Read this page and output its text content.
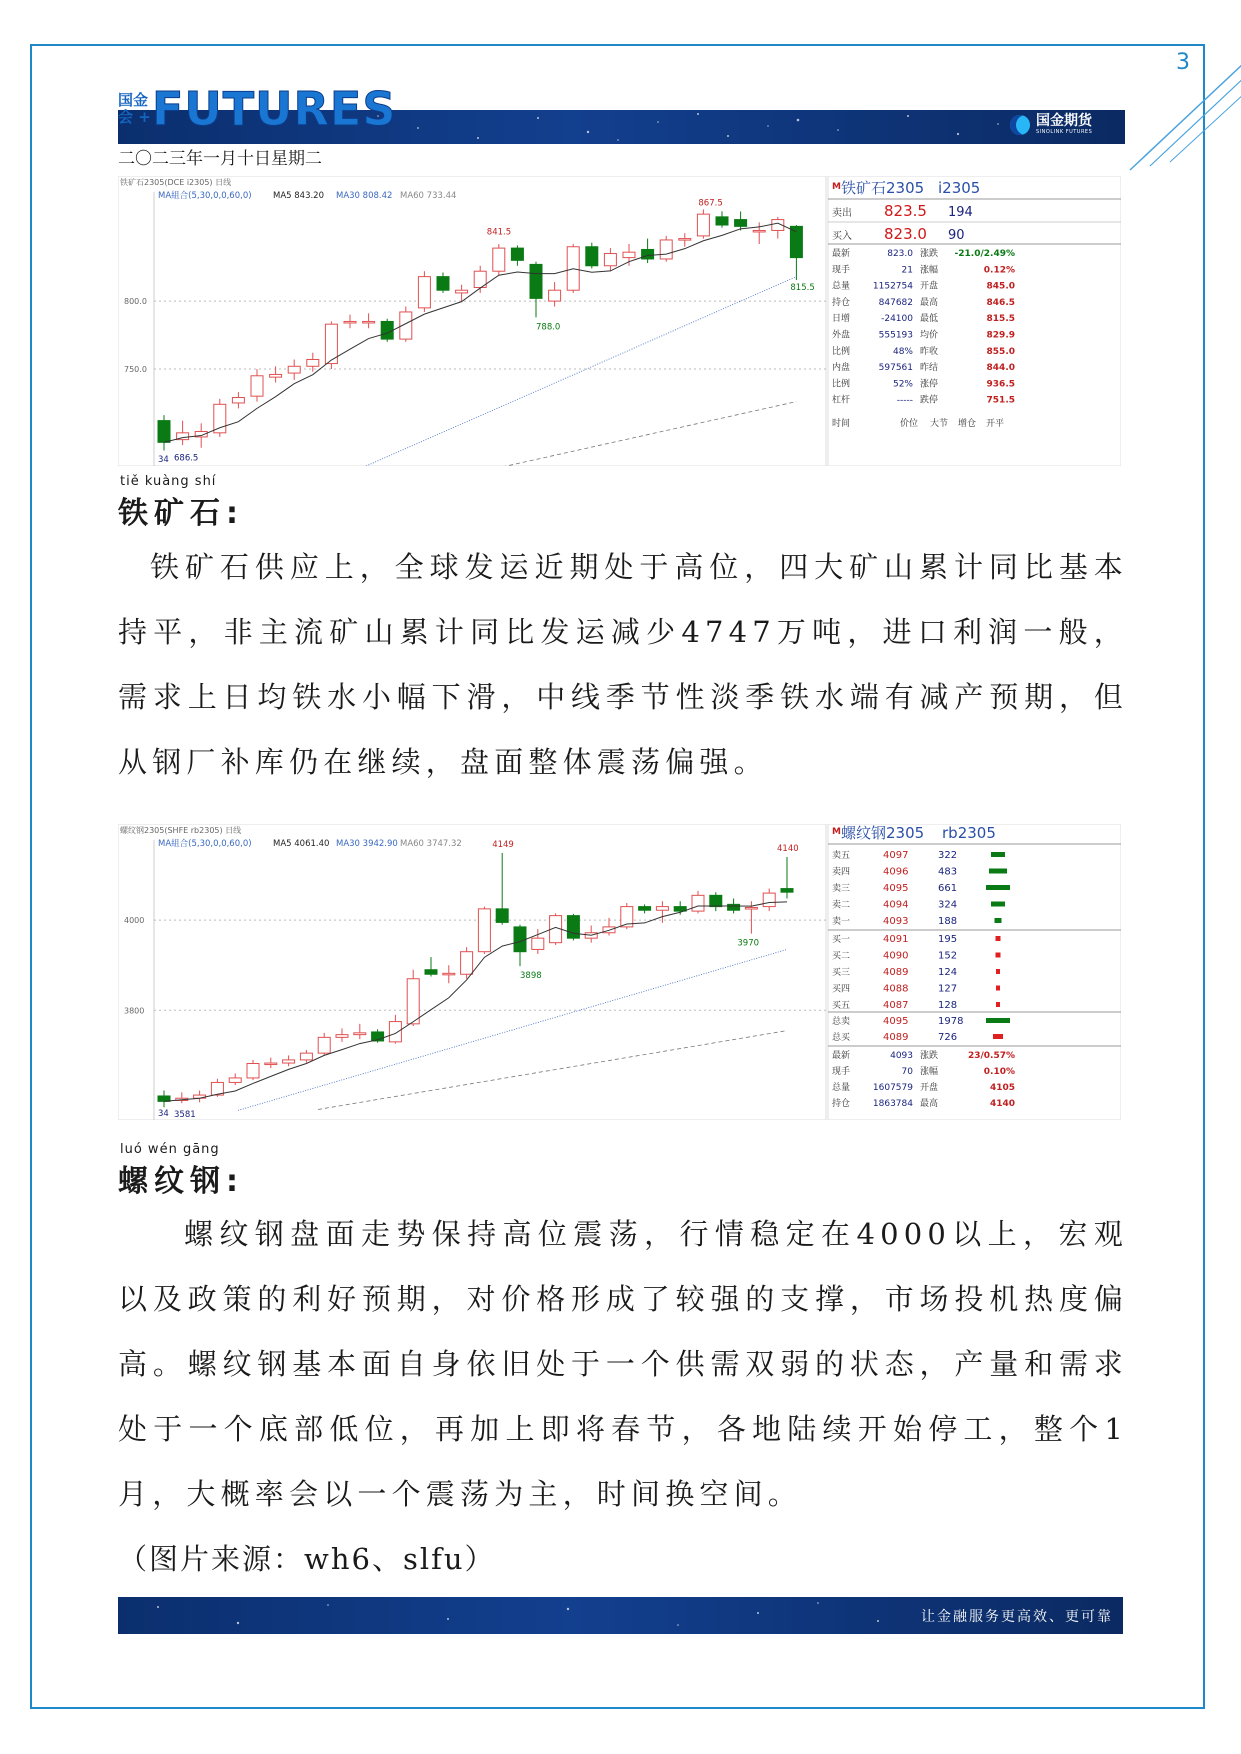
3
国金
会 + FUTURES	国金期货
SINOLINK FUTURES
二〇二三年一月十日星期二
800.0
750.0
铁矿石2305(DCE i2305) 日线
MA組合(5,30,0,0,60,0)	MA5 843.20 MA30 808.42 MA60 733.44
867.5
841.5
788.0
815.5
686.5
34
M 铁矿石2305 i2305
卖出 823.5 194
买入 823.0 90
最新	823.0 涨跌 -21.0/2.49%
现手	21 涨幅	0.12%
总量	1152754 开盘	845.0
持仓	847682 最高	846.5
日增	-24100 最低	815.5
外盘	555193 均价	829.9
比例	48% 昨收	855.0
内盘	597561 昨结	844.0
比例	52% 涨停	936.5
杠杆	----- 跌停	751.5
时间	价位 大节 增仓 开平
tiě kuàng shí
铁矿石:

铁矿石供应上，全球发运近期处于高位，四大矿山累计同比基本持平，非主流矿山累计同比发运减少4747万吨，进口利润一般，需求上日均铁水小幅下滑，中线季节性淡季铁水端有减产预期，但从钢厂补库仍在继续，盘面整体震荡偏强。

4000
3800
螺纹钢2305(SHFE rb2305) 日线
MA組合(5,30,0,0,60,0)	MA5 4061.40 MA30 3942.90 MA60 3747.32	4149	4140
3898
3970
3581
34
M 螺纹钢2305 rb2305
卖五	4097	322
卖四	4096	483
卖三	4095	661
卖二	4094	324
卖一	4093	188
买一	4091	195
买二	4090	152
买三	4089	124
买四	4088	127
买五	4087	128
总卖	4095	1978
总买	4089	726
最新	4093 涨跌	23/0.57%
现手	70 涨幅	0.10%
总量	1607579 开盘	4105
持仓	1863784 最高	4140
luó wén gāng
螺纹钢:

螺纹钢盘面走势保持高位震荡，行情稳定在4000以上，宏观以及政策的利好预期，对价格形成了较强的支撑，市场投机热度偏高。螺纹钢基本面自身依旧处于一个供需双弱的状态，产量和需求处于一个底部低位，再加上即将春节，各地陆续开始停工，整个1月，大概率会以一个震荡为主，时间换空间。

（图片来源：wh6、slfu）

让金融服务更高效、更可靠
